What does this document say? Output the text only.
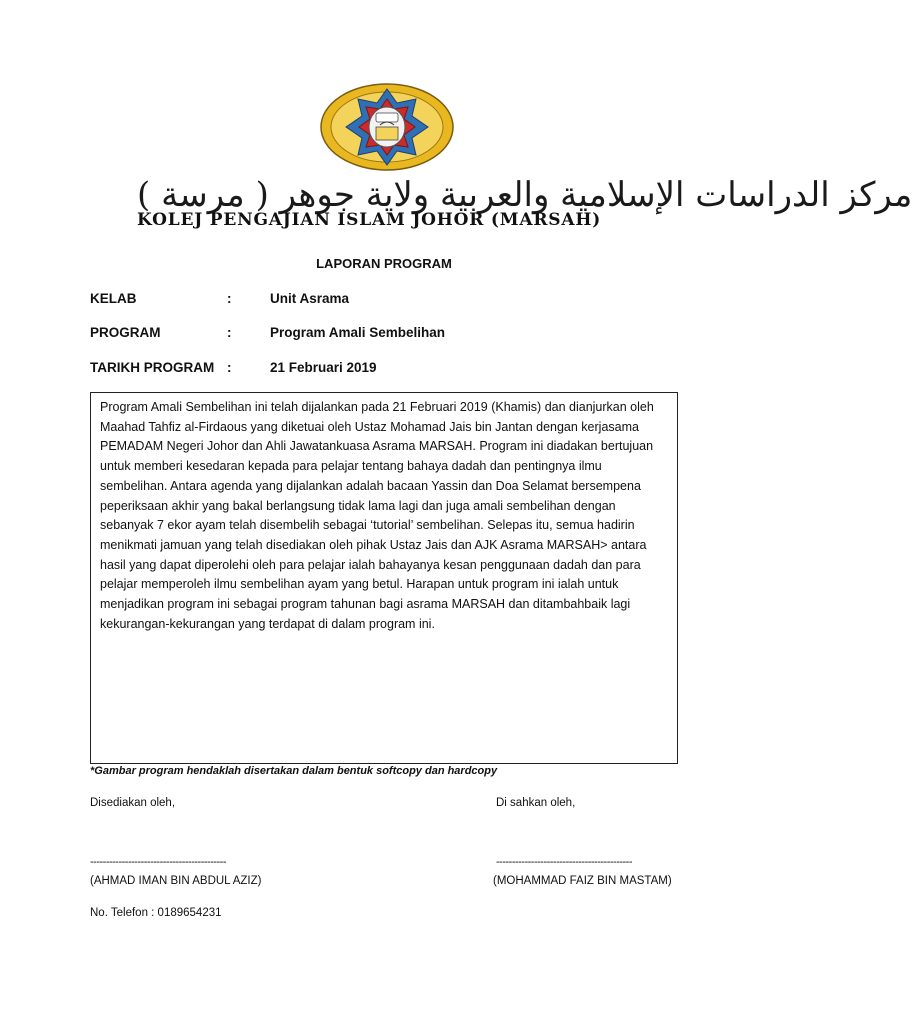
مركز الدراسات الإسلامية والعربية ولاية جوهر ( مرسة )
KOLEJ PENGAJIAN ISLAM JOHOR (MARSAH)
LAPORAN PROGRAM
KELAB	:	Unit Asrama
PROGRAM	:	Program Amali Sembelihan
TARIKH PROGRAM :	21 Februari 2019
Program Amali Sembelihan ini telah dijalankan pada 21 Februari 2019 (Khamis) dan dianjurkan oleh Maahad Tahfiz al-Firdaous yang diketuai oleh Ustaz Mohamad Jais bin Jantan dengan kerjasama PEMADAM Negeri Johor dan Ahli Jawatankuasa Asrama MARSAH. Program ini diadakan bertujuan untuk memberi kesedaran kepada para pelajar tentang bahaya dadah dan pentingnya ilmu sembelihan. Antara agenda yang dijalankan adalah bacaan Yassin dan Doa Selamat bersempena peperiksaan akhir yang bakal berlangsung tidak lama lagi dan juga amali sembelihan dengan sebanyak 7 ekor ayam telah disembelih sebagai ‘tutorial’ sembelihan. Selepas itu, semua hadirin menikmati jamuan yang telah disediakan oleh pihak Ustaz Jais dan AJK Asrama MARSAH> antara hasil yang dapat diperolehi oleh para pelajar ialah bahayanya kesan penggunaan dadah dan para pelajar memperoleh ilmu sembelihan ayam yang betul. Harapan untuk program ini ialah untuk menjadikan program ini sebagai program tahunan bagi asrama MARSAH dan ditambahbaik lagi kekurangan-kekurangan yang terdapat di dalam program ini.
*Gambar program hendaklah disertakan dalam bentuk softcopy dan hardcopy
Disediakan oleh,	Di sahkan oleh,
-------------------------------------------	-------------------------------------------
(AHMAD IMAN BIN ABDUL AZIZ)	(MOHAMMAD FAIZ BIN MASTAM)
No. Telefon : 0189654231
